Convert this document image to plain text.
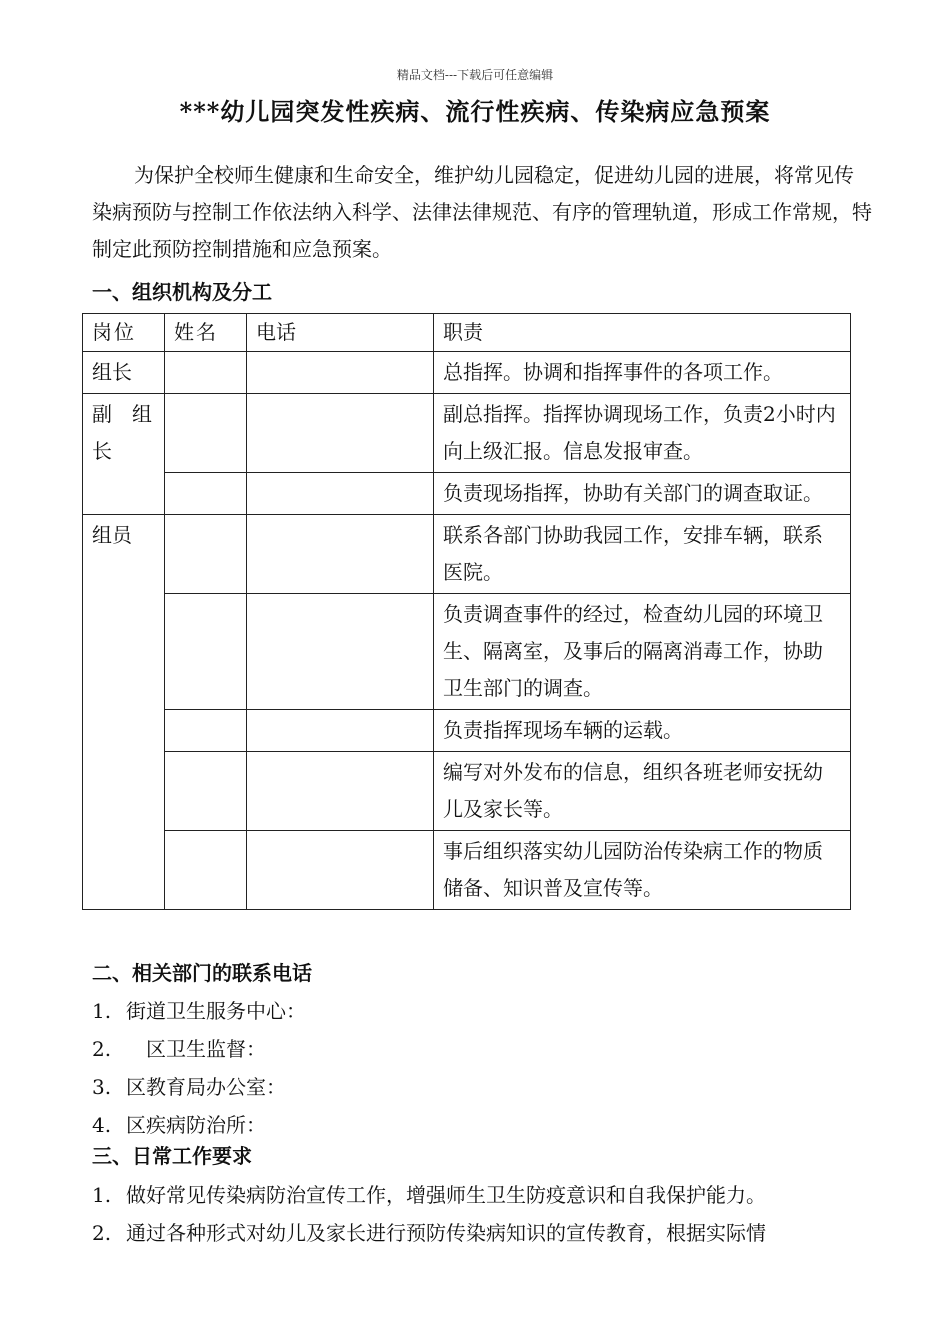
精品文档---下载后可任意编辑
***幼儿园突发性疾病、流行性疾病、传染病应急预案

为保护全校师生健康和生命安全，维护幼儿园稳定，促进幼儿园的进展，将常见传染病预防与控制工作依法纳入科学、法律法律规范、有序的管理轨道，形成工作常规，特制定此预防控制措施和应急预案。

一、组织机构及分工
岗位	姓名	电话	职责
组长			总指挥。协调和指挥事件的各项工作。
副　组长			副总指挥。指挥协调现场工作，负责2小时内向上级汇报。信息发报审查。
			负责现场指挥，协助有关部门的调查取证。
组员			联系各部门协助我园工作，安排车辆，联系医院。
			负责调查事件的经过，检查幼儿园的环境卫生、隔离室，及事后的隔离消毒工作，协助卫生部门的调查。
			负责指挥现场车辆的运载。
			编写对外发布的信息，组织各班老师安抚幼儿及家长等。
			事后组织落实幼儿园防治传染病工作的物质储备、知识普及宣传等。
二、相关部门的联系电话
1. 街道卫生服务中心：
2.　区卫生监督：
3. 区教育局办公室：
4. 区疾病防治所：
三、日常工作要求
1. 做好常见传染病防治宣传工作，增强师生卫生防疫意识和自我保护能力。
2. 通过各种形式对幼儿及家长进行预防传染病知识的宣传教育，根据实际情
